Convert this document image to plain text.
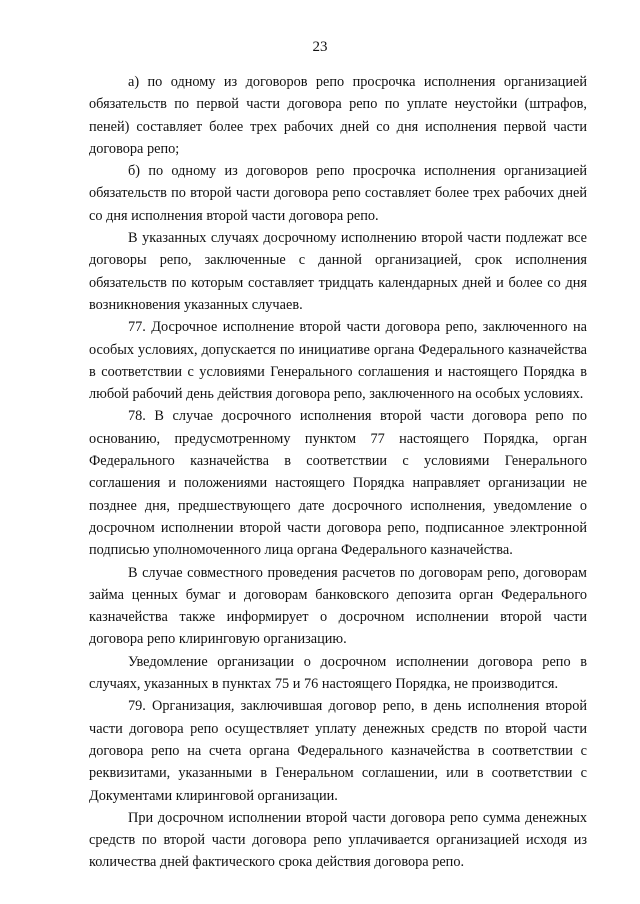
23

а) по одному из договоров репо просрочка исполнения организацией обязательств по первой части договора репо по уплате неустойки (штрафов, пеней) составляет более трех рабочих дней со дня исполнения первой части договора репо;

б) по одному из договоров репо просрочка исполнения организацией обязательств по второй части договора репо составляет более трех рабочих дней со дня исполнения второй части договора репо.

В указанных случаях досрочному исполнению второй части подлежат все договоры репо, заключенные с данной организацией, срок исполнения обязательств по которым составляет тридцать календарных дней и более со дня возникновения указанных случаев.

77. Досрочное исполнение второй части договора репо, заключенного на особых условиях, допускается по инициативе органа Федерального казначейства в соответствии с условиями Генерального соглашения и настоящего Порядка в любой рабочий день действия договора репо, заключенного на особых условиях.

78. В случае досрочного исполнения второй части договора репо по основанию, предусмотренному пунктом 77 настоящего Порядка, орган Федерального казначейства в соответствии с условиями Генерального соглашения и положениями настоящего Порядка направляет организации не позднее дня, предшествующего дате досрочного исполнения, уведомление о досрочном исполнении второй части договора репо, подписанное электронной подписью уполномоченного лица органа Федерального казначейства.

В случае совместного проведения расчетов по договорам репо, договорам займа ценных бумаг и договорам банковского депозита орган Федерального казначейства также информирует о досрочном исполнении второй части договора репо клиринговую организацию.

Уведомление организации о досрочном исполнении договора репо в случаях, указанных в пунктах 75 и 76 настоящего Порядка, не производится.

79. Организация, заключившая договор репо, в день исполнения второй части договора репо осуществляет уплату денежных средств по второй части договора репо на счета органа Федерального казначейства в соответствии с реквизитами, указанными в Генеральном соглашении, или в соответствии с Документами клиринговой организации.

При досрочном исполнении второй части договора репо сумма денежных средств по второй части договора репо уплачивается организацией исходя из количества дней фактического срока действия договора репо.
